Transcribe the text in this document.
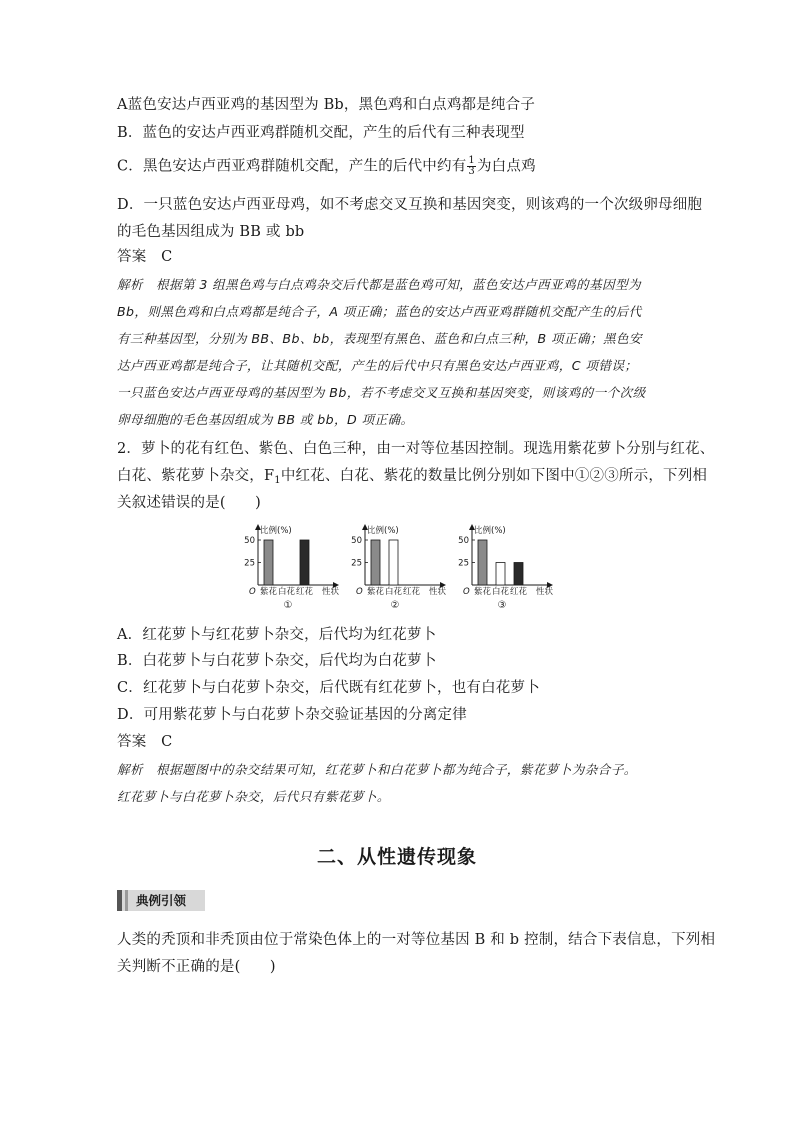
A蓝色安达卢西亚鸡的基因型为 Bb，黑色鸡和白点鸡都是纯合子
B．蓝色的安达卢西亚鸡群随机交配，产生的后代有三种表现型
C．黑色安达卢西亚鸡群随机交配，产生的后代中约有 $\frac{1}{3}$ 为白点鸡
D．一只蓝色安达卢西亚母鸡，如不考虑交叉互换和基因突变，则该鸡的一个次级卵母细胞
的毛色基因组成为 BB 或 bb
答案　C
解析　根据第 3 组黑色鸡与白点鸡杂交后代都是蓝色鸡可知，蓝色安达卢西亚鸡的基因型为
Bb，则黑色鸡和白点鸡都是纯合子，A 项正确；蓝色的安达卢西亚鸡群随机交配产生的后代
有三种基因型，分别为 BB、Bb、bb，表现型有黑色、蓝色和白点三种，B 项正确；黑色安
达卢西亚鸡都是纯合子，让其随机交配，产生的后代中只有黑色安达卢西亚鸡，C 项错误；
一只蓝色安达卢西亚母鸡的基因型为 Bb，若不考虑交叉互换和基因突变，则该鸡的一个次级
卵母细胞的毛色基因组成为 BB 或 bb，D 项正确。
2．萝卜的花有红色、紫色、白色三种，由一对等位基因控制。现选用紫花萝卜分别与红花、
白花、紫花萝卜杂交，$F_1$中红花、白花、紫花的数量比例分别如下图中①②③所示，下列相
关叙述错误的是(　　)
比例(%)
25
50
O 紫花 白花 红花 性状
①
比例(%)
25
50
O 紫花 白花 红花 性状
②
比例(%)
25
50
O 紫花 白花 红花 性状
③
A．红花萝卜与红花萝卜杂交，后代均为红花萝卜
B．白花萝卜与白花萝卜杂交，后代均为白花萝卜
C．红花萝卜与白花萝卜杂交，后代既有红花萝卜，也有白花萝卜
D．可用紫花萝卜与白花萝卜杂交验证基因的分离定律
答案　C
解析　根据题图中的杂交结果可知，红花萝卜和白花萝卜都为纯合子，紫花萝卜为杂合子。
红花萝卜与白花萝卜杂交，后代只有紫花萝卜。
二、从性遗传现象
典例引领
人类的秃顶和非秃顶由位于常染色体上的一对等位基因 B 和 b 控制，结合下表信息，下列相
关判断不正确的是(　　)
